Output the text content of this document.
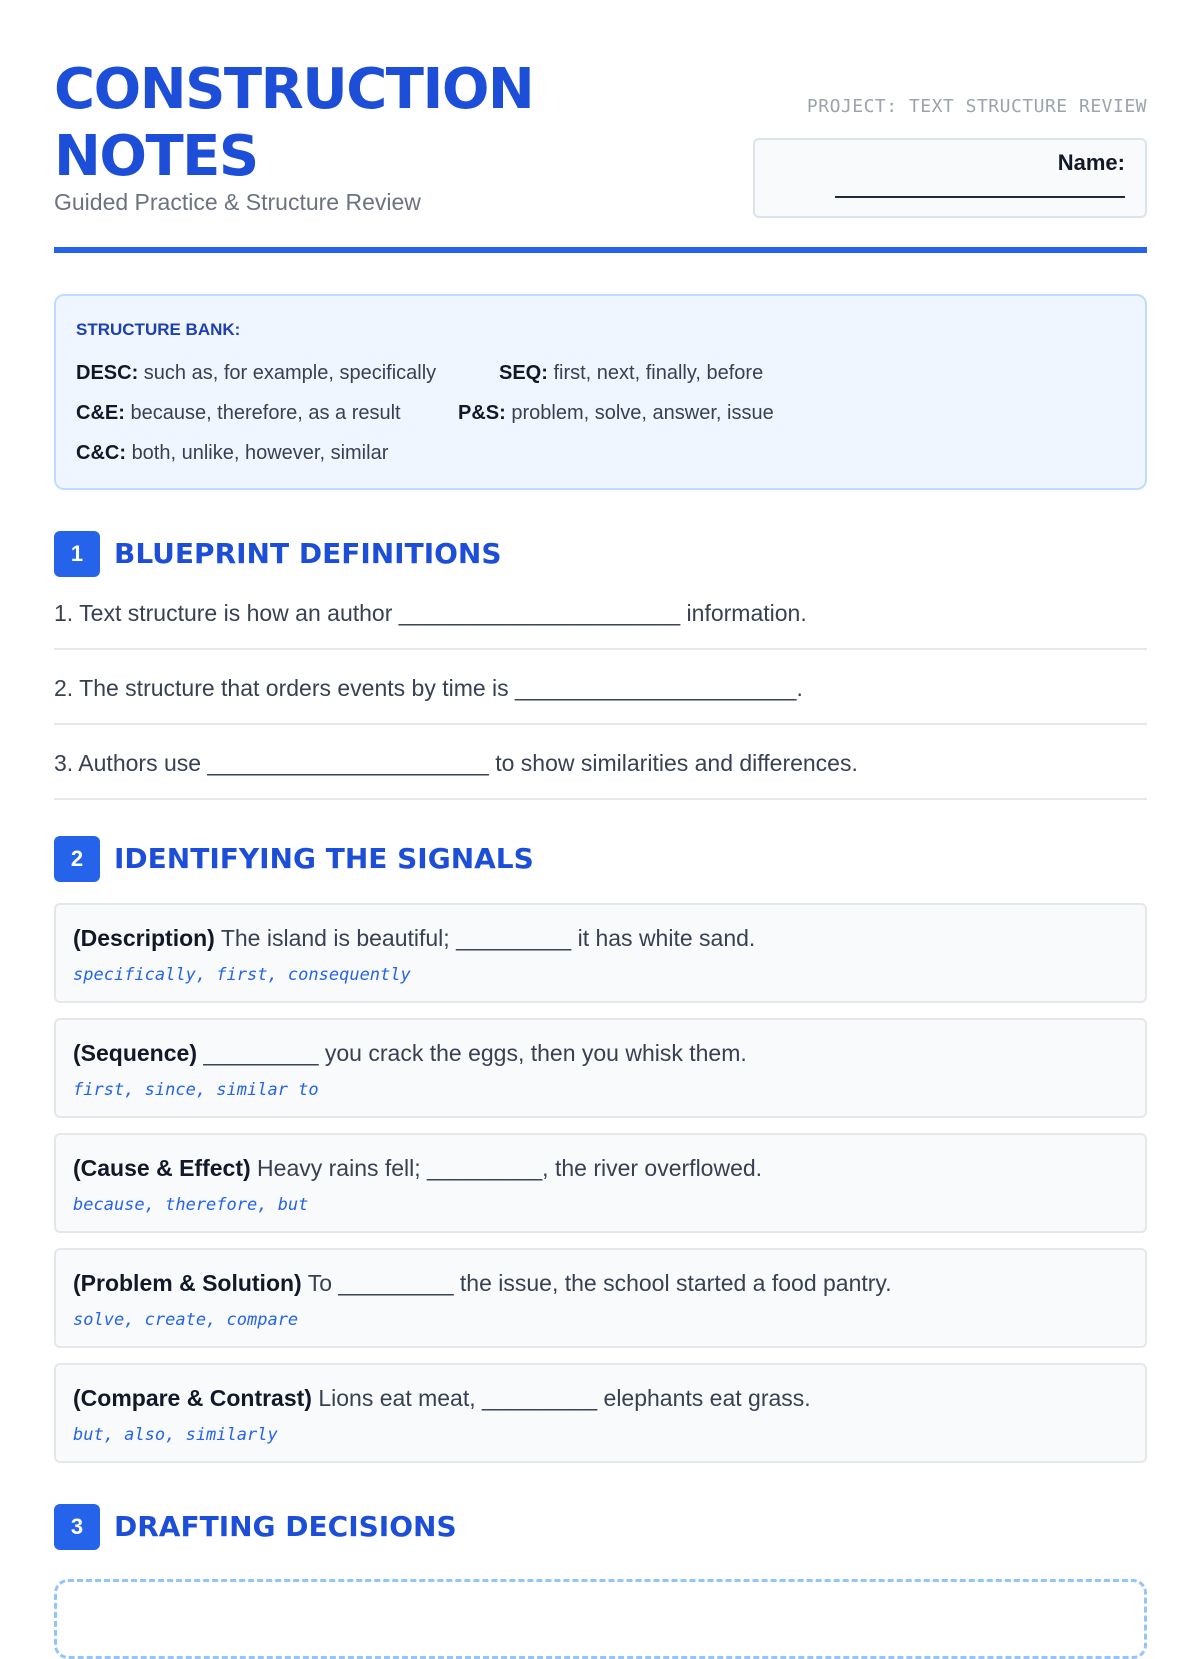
CONSTRUCTION
NOTES
Guided Practice & Structure Review
PROJECT: TEXT STRUCTURE REVIEW
Name:
STRUCTURE BANK:
DESC: such as, for example, specifically	SEQ: first, next, finally, before
C&E: because, therefore, as a result	P&S: problem, solve, answer, issue
C&C: both, unlike, however, similar
1	BLUEPRINT DEFINITIONS
1. Text structure is how an author ______________________ information.
2. The structure that orders events by time is ______________________.
3. Authors use ______________________ to show similarities and differences.
2	IDENTIFYING THE SIGNALS
(Description) The island is beautiful; _________ it has white sand.
specifically, first, consequently
(Sequence) _________ you crack the eggs, then you whisk them.
first, since, similar to
(Cause & Effect) Heavy rains fell; _________, the river overflowed.
because, therefore, but
(Problem & Solution) To _________ the issue, the school started a food pantry.
solve, create, compare
(Compare & Contrast) Lions eat meat, _________ elephants eat grass.
but, also, similarly
3	DRAFTING DECISIONS
